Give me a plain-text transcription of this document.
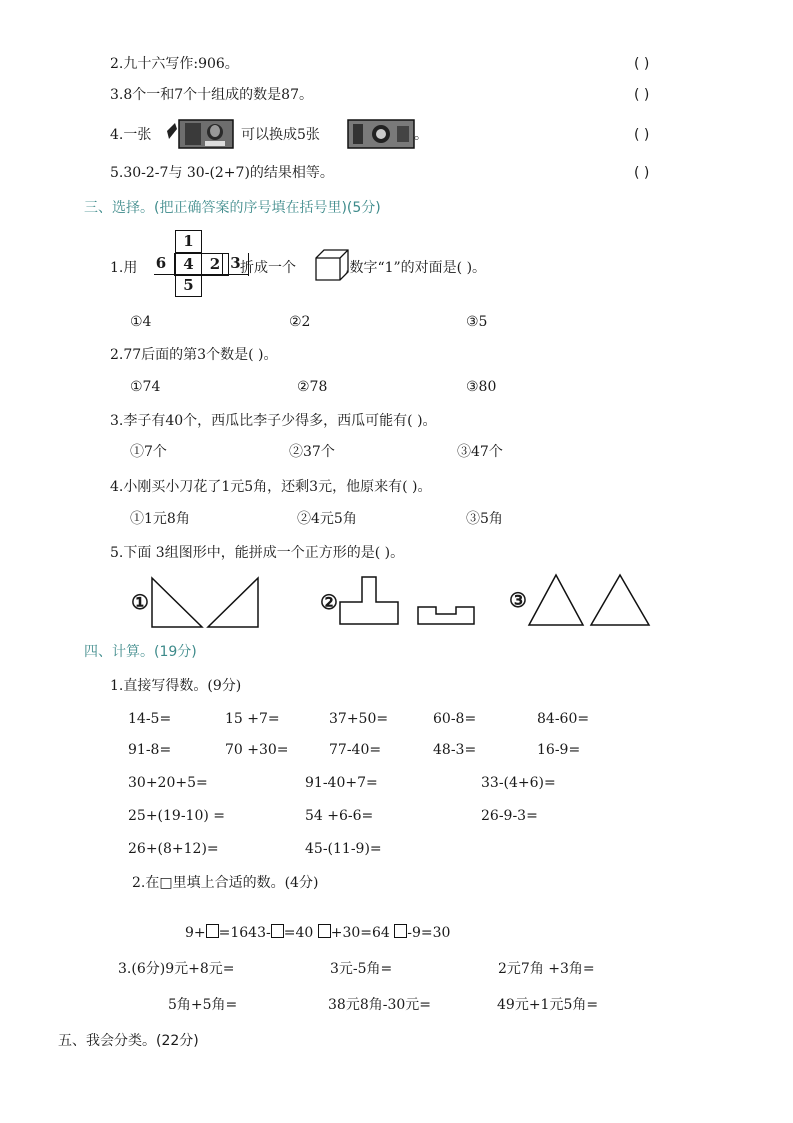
2.九十六写作:906。	( )
3.8个一和7个十组成的数是87。	( )
4.一张	可以换成5张	。	( )
5.30-2-7与 30-(2+7)的结果相等。	( )
三、选择。(把正确答案的序号填在括号里)(5分)
1.用
1
6	4	2 3
5
折成一个	,数字“1”的对面是( )。
①4	②2	③5
2.77后面的第3个数是( )。
①74	②78	③80
3.李子有40个，西瓜比李子少得多，西瓜可能有( )。
①7个	②37个	③47个
4.小刚买小刀花了1元5角，还剩3元，他原来有( )。
①1元8角	②4元5角	③5角
5.下面 3组图形中，能拼成一个正方形的是( )。
①	②	③
四、计算。(19分)
1.直接写得数。(9分)
14-5=	15 +7=	37+50=	60-8=	84-60=
91-8=	70 +30=	77-40=	48-3=	16-9=
30+20+5=	91-40+7=	33-(4+6)=
25+(19-10) =	54 +6-6=	26-9-3=
26+(8+12)=	45-(11-9)=
2.在□里填上合适的数。(4分)
9+ =1643- =40 +30=64 -9=30
3.(6分)9元+8元=	3元-5角=	2元7角 +3角=
5角+5角=	38元8角-30元=	49元+1元5角=
五、我会分类。(22分)
